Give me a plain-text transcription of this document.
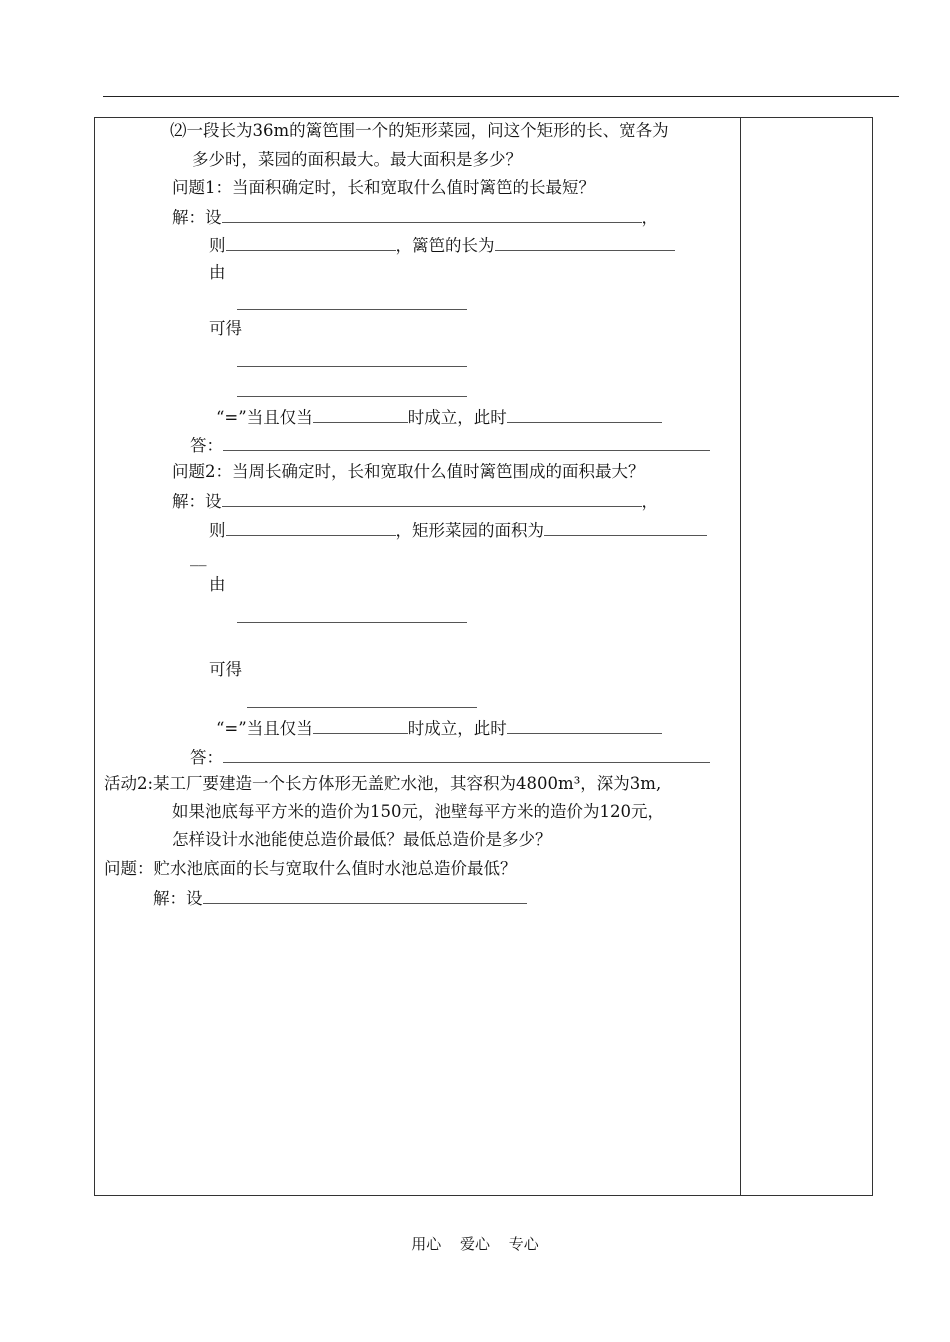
⑵一段长为36m的篱笆围一个的矩形菜园，问这个矩形的长、宽各为
多少时，菜园的面积最大。最大面积是多少？
问题1：当面积确定时，长和宽取什么值时篱笆的长最短？
解：设	，
则	，篱笆的长为
由
可得
“=”当且仅当	时成立，此时
答：
问题2：当周长确定时，长和宽取什么值时篱笆围成的面积最大？
解：设	，
则	，矩形菜园的面积为
__
由
可得
“=”当且仅当	时成立，此时
答：
活动2:某工厂要建造一个长方体形无盖贮水池，其容积为4800m³，深为3m,
如果池底每平方米的造价为150元，池壁每平方米的造价为120元，
怎样设计水池能使总造价最低？最低总造价是多少？
问题：贮水池底面的长与宽取什么值时水池总造价最低？
解：设
用心 爱心 专心
